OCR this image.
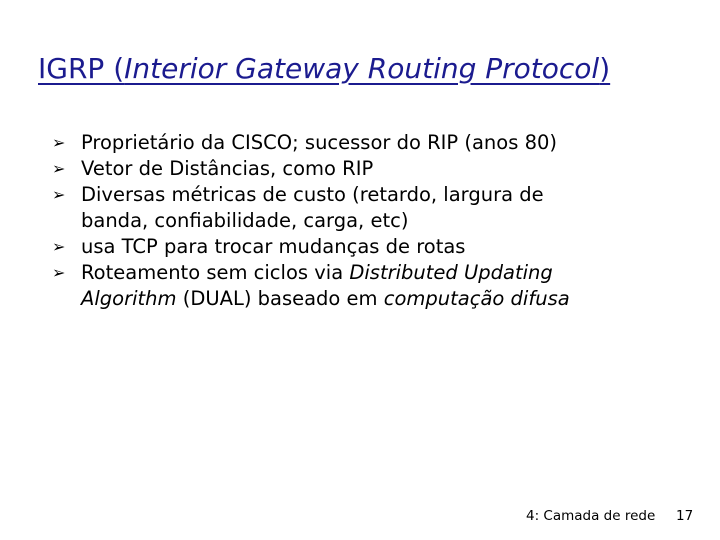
IGRP (Interior Gateway Routing Protocol)
➢ Proprietário da CISCO; sucessor do RIP (anos 80)
➢ Vetor de Distâncias, como RIP
➢ Diversas métricas de custo (retardo, largura de
banda, confiabilidade, carga, etc)
➢ usa TCP para trocar mudanças de rotas
➢ Roteamento sem ciclos via Distributed Updating
Algorithm (DUAL) baseado em computação difusa
4: Camada de rede 17
